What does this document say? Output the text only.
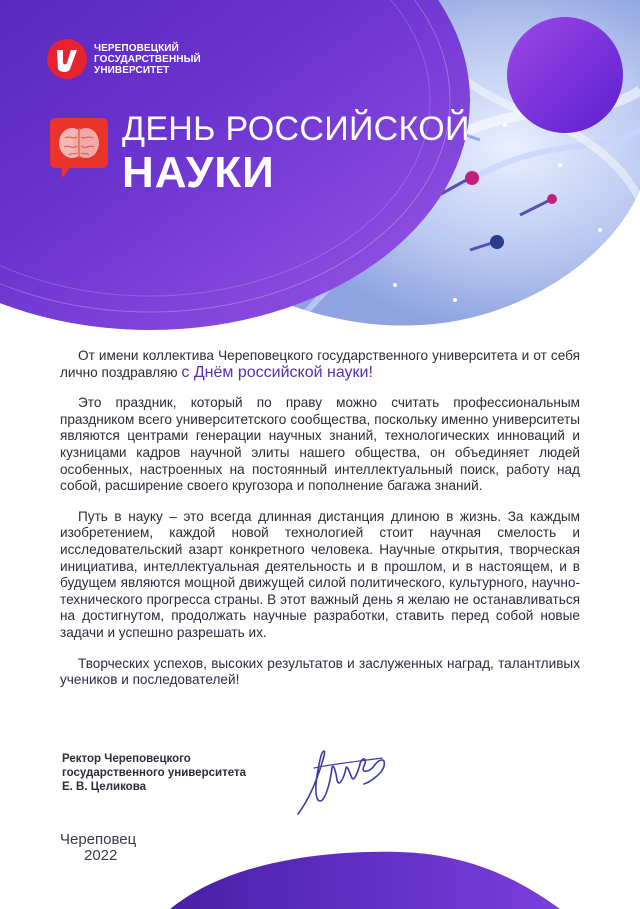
ЧЕРЕПОВЕЦКИЙ
ГОСУДАРСТВЕННЫЙ
УНИВЕРСИТЕТ
ДЕНЬ РОССИЙСКОЙ
НАУКИ

От имени коллектива Череповецкого государственного университета и от себя лично поздравляю с Днём российской науки!

Это праздник, который по праву можно считать профессиональным праздником всего университетского сообщества, поскольку именно университеты являются центрами генерации научных знаний, технологических инноваций и кузницами кадров научной элиты нашего общества, он объединяет людей особенных, настроенных на постоянный интеллектуальный поиск, работу над собой, расширение своего кругозора и пополнение багажа знаний.

Путь в науку – это всегда длинная дистанция длиною в жизнь. За каждым изобретением, каждой новой технологией стоит научная смелость и исследовательский азарт конкретного человека. Научные открытия, творческая инициатива, интеллектуальная деятельность и в прошлом, и в настоящем, и в будущем являются мощной движущей силой политического, культурного, научно-технического прогресса страны. В этот важный день я желаю не останавливаться на достигнутом, продолжать научные разработки, ставить перед собой новые задачи и успешно разрешать их.

Творческих успехов, высоких результатов и заслуженных наград, талантливых учеников и последователей!

Ректор Череповецкого
государственного университета
Е. В. Целикова
Череповец
2022
